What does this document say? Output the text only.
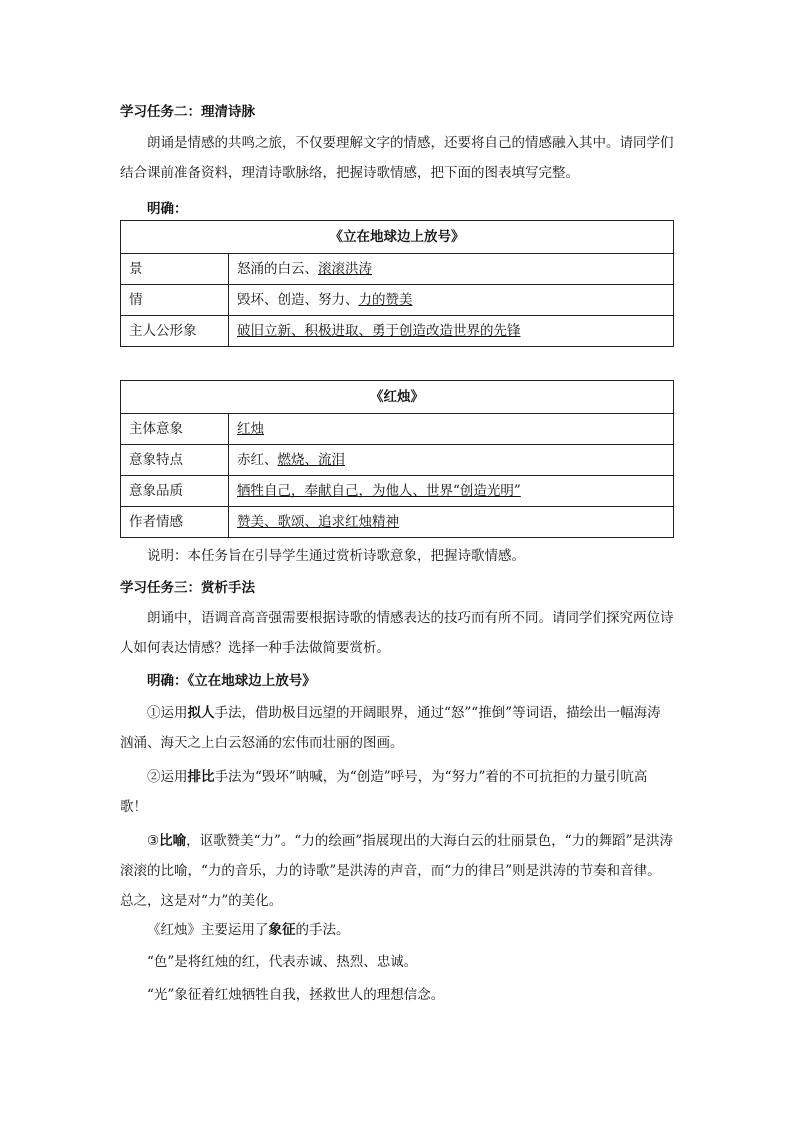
学习任务二：理清诗脉

朗诵是情感的共鸣之旅，不仅要理解文字的情感，还要将自己的情感融入其中。请同学们结合课前准备资料，理清诗歌脉络，把握诗歌情感，把下面的图表填写完整。

明确：
《立在地球边上放号》	
景	怒涌的白云、滚滚洪涛
情	毁坏、创造、努力、力的赞美
主人公形象	破旧立新、积极进取、勇于创造改造世界的先锋
《红烛》	
主体意象	红烛
意象特点	赤红、燃烧、流泪
意象品质	牺牲自己，奉献自己，为他人、世界“创造光明”
作者情感	赞美、歌颂、追求红烛精神
说明：本任务旨在引导学生通过赏析诗歌意象，把握诗歌情感。
学习任务三：赏析手法

朗诵中，语调音高音强需要根据诗歌的情感表达的技巧而有所不同。请同学们探究两位诗人如何表达情感？选择一种手法做简要赏析。

明确：《立在地球边上放号》

①运用拟人手法，借助极目远望的开阔眼界，通过“怒”“推倒”等词语，描绘出一幅海涛汹涌、海天之上白云怒涌的宏伟而壮丽的图画。

②运用排比手法为“毁坏”呐喊，为“创造”呼号，为“努力”着的不可抗拒的力量引吭高歌！

③比喻，讴歌赞美“力”。“力的绘画”指展现出的大海白云的壮丽景色，“力的舞蹈”是洪涛滚滚的比喻，“力的音乐，力的诗歌”是洪涛的声音，而“力的律吕”则是洪涛的节奏和音律。总之，这是对“力”的美化。

《红烛》主要运用了象征的手法。
“色”是将红烛的红，代表赤诚、热烈、忠诚。
“光”象征着红烛牺牲自我，拯救世人的理想信念。
